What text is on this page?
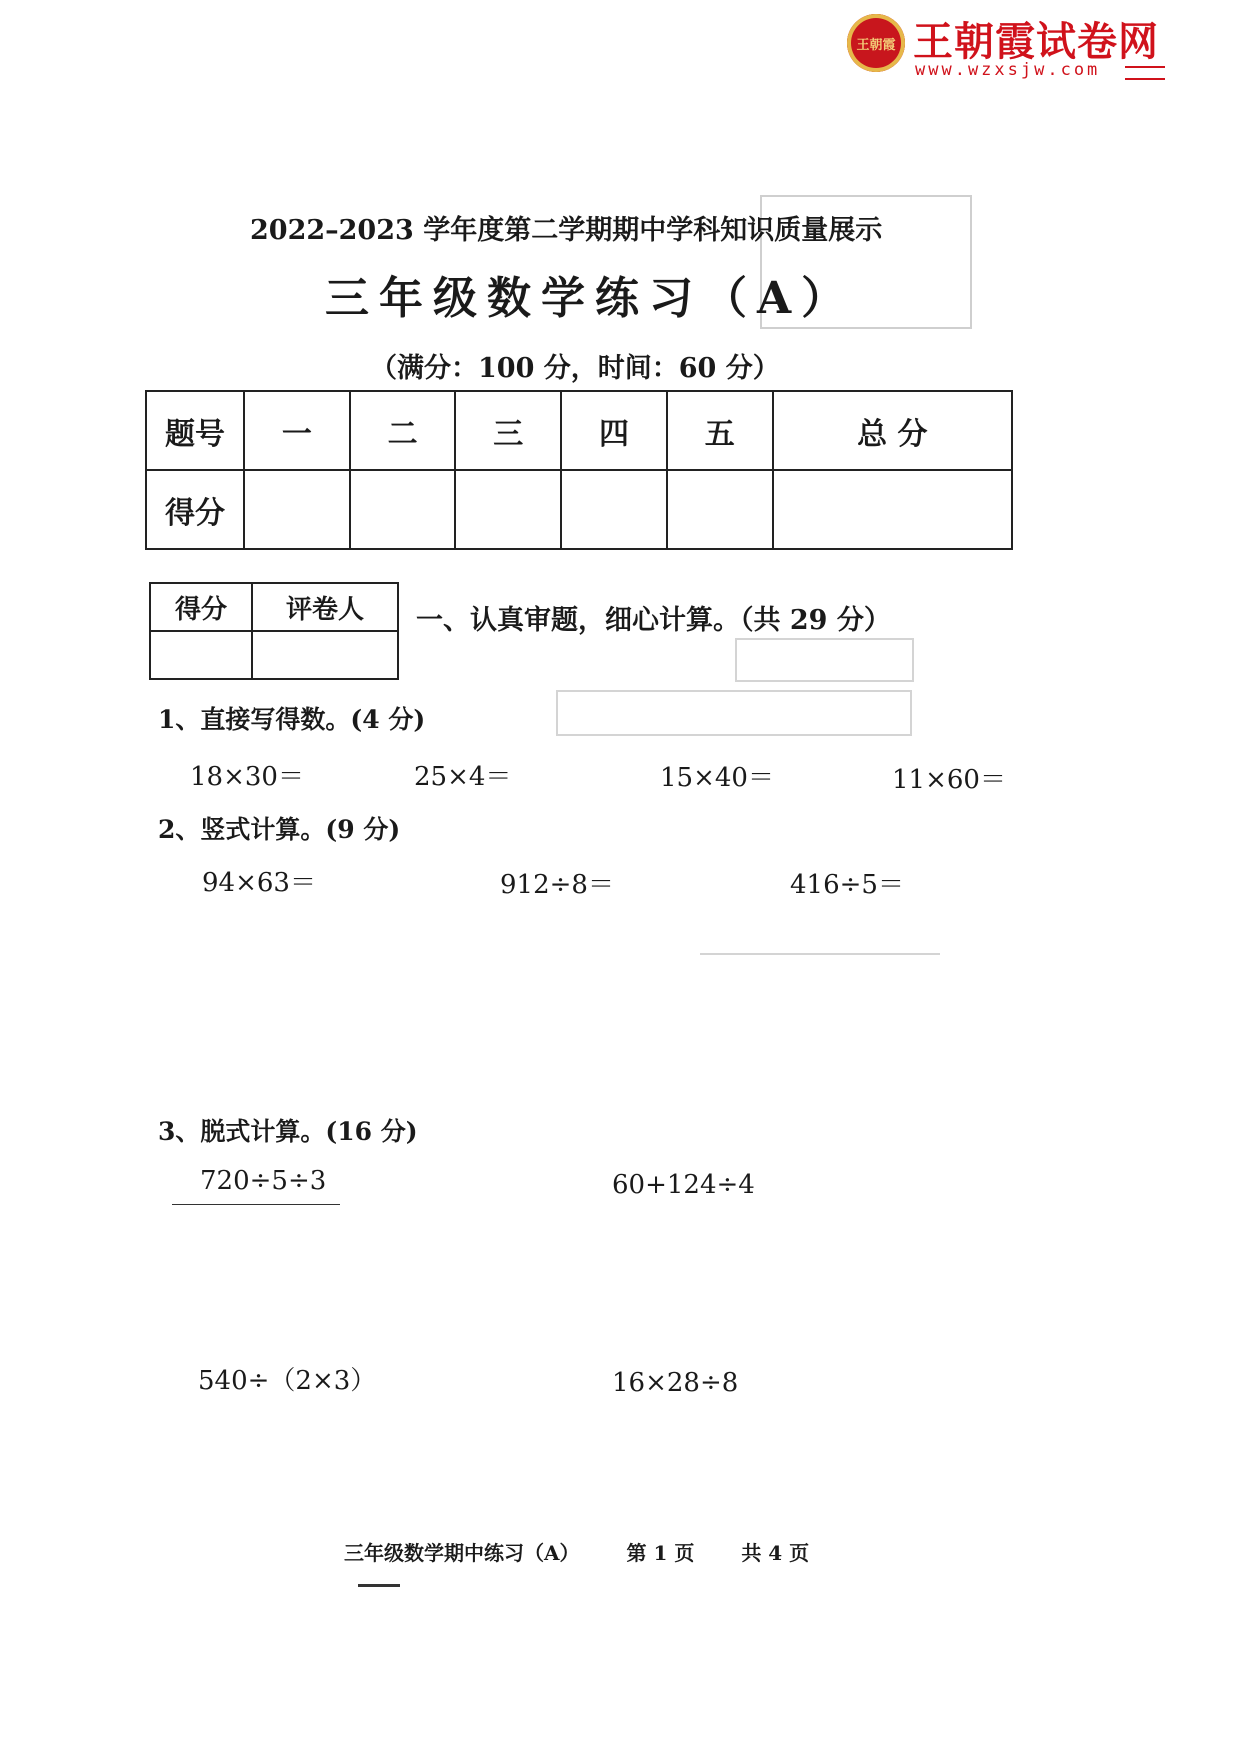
王朝霞 王朝霞试卷网
www.wzxsjw.com
2022–2023 学年度第二学期期中学科知识质量展示
三年级数学练习（A）
（满分：100 分，时间：60 分）
题号	一	二	三	四	五	总 分
得分						
得分	评卷人
	一、认真审题，细心计算。（共 29 分）
1、直接写得数。(4 分)
18×30＝	25×4＝	15×40＝	11×60＝
2、竖式计算。(9 分)
94×63＝	912÷8＝	416÷5＝
3、脱式计算。(16 分)
720÷5÷3	60+124÷4
540÷（2×3）	16×28÷8
三年级数学期中练习（A） 第 1 页 共 4 页
